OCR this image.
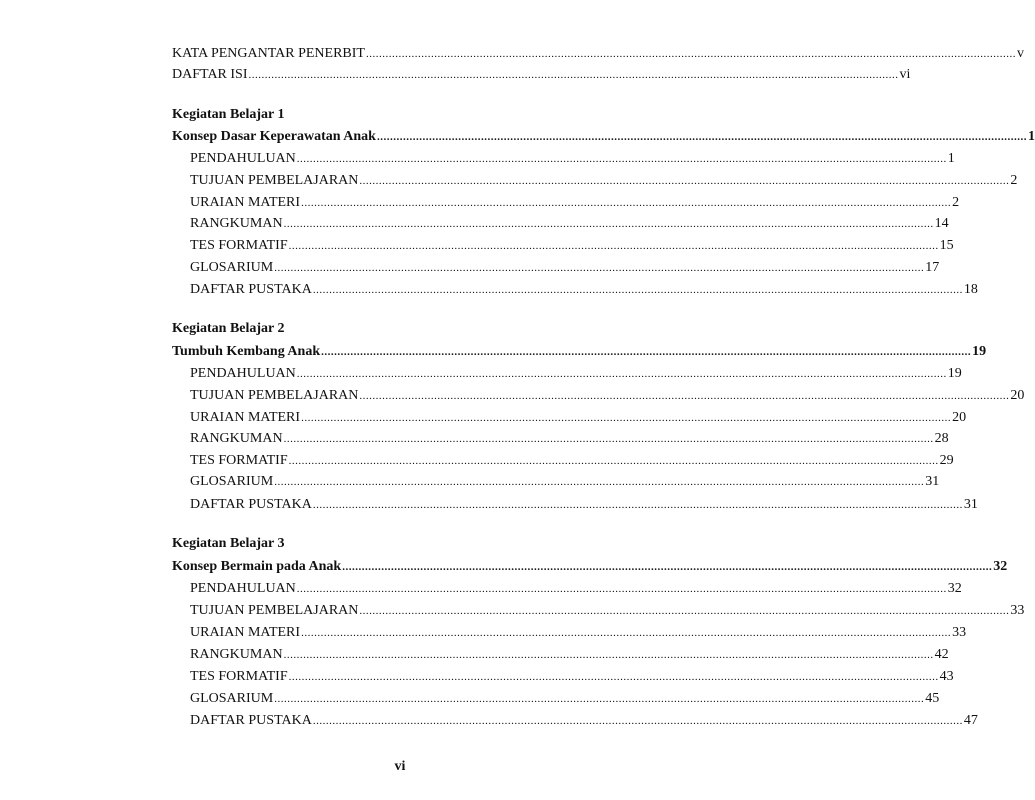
KATA PENGANTAR PENERBIT ........................................................................................................................................................................................................ v
DAFTAR ISI ........................................................................................................................................................................................................ vi
Kegiatan Belajar 1
Konsep Dasar Keperawatan Anak ........................................................................................................................................................................................................ 1
PENDAHULUAN ........................................................................................................................................................................................................ 1
TUJUAN PEMBELAJARAN ........................................................................................................................................................................................................ 2
URAIAN MATERI ........................................................................................................................................................................................................ 2
RANGKUMAN ........................................................................................................................................................................................................ 14
TES FORMATIF ........................................................................................................................................................................................................ 15
GLOSARIUM ........................................................................................................................................................................................................ 17
DAFTAR PUSTAKA ........................................................................................................................................................................................................ 18
Kegiatan Belajar 2
Tumbuh Kembang Anak ........................................................................................................................................................................................................ 19
PENDAHULUAN ........................................................................................................................................................................................................ 19
TUJUAN PEMBELAJARAN ........................................................................................................................................................................................................ 20
URAIAN MATERI ........................................................................................................................................................................................................ 20
RANGKUMAN ........................................................................................................................................................................................................ 28
TES FORMATIF ........................................................................................................................................................................................................ 29
GLOSARIUM ........................................................................................................................................................................................................ 31
DAFTAR PUSTAKA ........................................................................................................................................................................................................ 31
Kegiatan Belajar 3
Konsep Bermain pada Anak ........................................................................................................................................................................................................ 32
PENDAHULUAN ........................................................................................................................................................................................................ 32
TUJUAN PEMBELAJARAN ........................................................................................................................................................................................................ 33
URAIAN MATERI ........................................................................................................................................................................................................ 33
RANGKUMAN ........................................................................................................................................................................................................ 42
TES FORMATIF ........................................................................................................................................................................................................ 43
GLOSARIUM ........................................................................................................................................................................................................ 45
DAFTAR PUSTAKA ........................................................................................................................................................................................................ 47
vi
